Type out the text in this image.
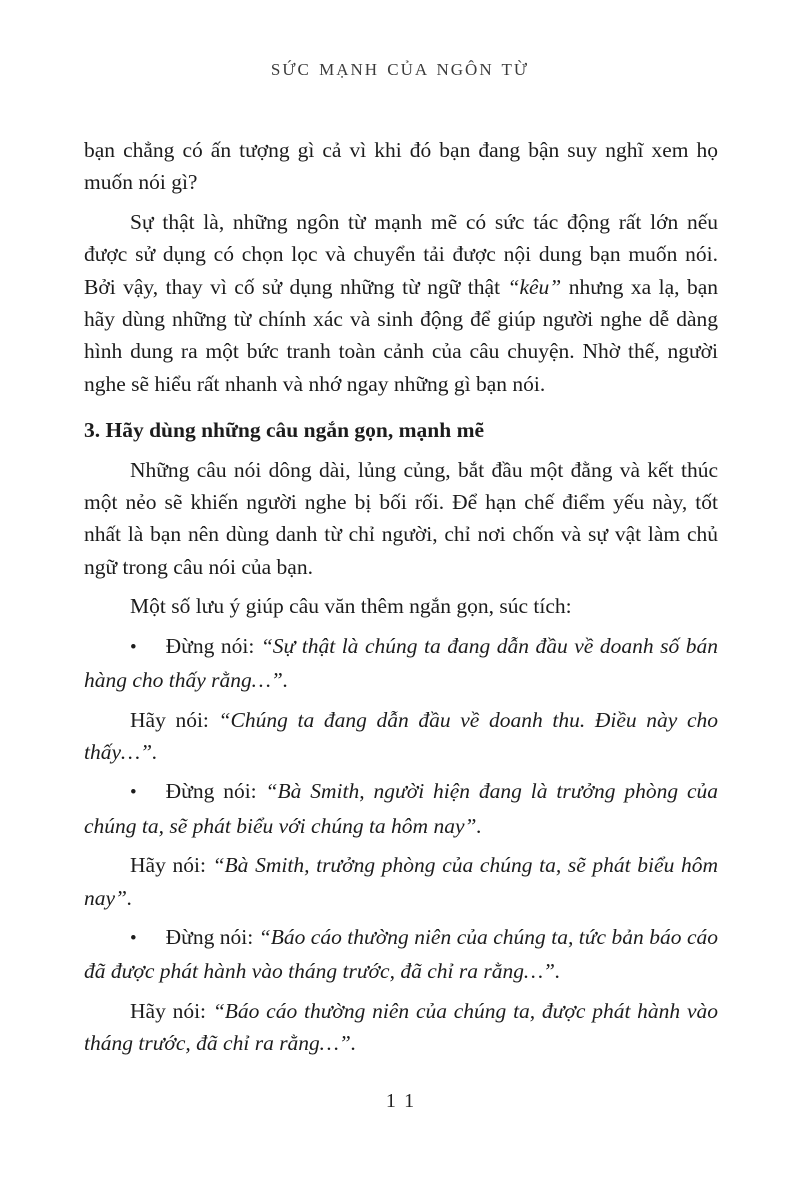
SỨC MẠNH CỦA NGÔN TỪ

bạn chẳng có ấn tượng gì cả vì khi đó bạn đang bận suy nghĩ xem họ muốn nói gì?

Sự thật là, những ngôn từ mạnh mẽ có sức tác động rất lớn nếu được sử dụng có chọn lọc và chuyển tải được nội dung bạn muốn nói. Bởi vậy, thay vì cố sử dụng những từ ngữ thật “kêu” nhưng xa lạ, bạn hãy dùng những từ chính xác và sinh động để giúp người nghe dễ dàng hình dung ra một bức tranh toàn cảnh của câu chuyện. Nhờ thế, người nghe sẽ hiểu rất nhanh và nhớ ngay những gì bạn nói.

3. Hãy dùng những câu ngắn gọn, mạnh mẽ

Những câu nói dông dài, lủng củng, bắt đầu một đằng và kết thúc một nẻo sẽ khiến người nghe bị bối rối. Để hạn chế điểm yếu này, tốt nhất là bạn nên dùng danh từ chỉ người, chỉ nơi chốn và sự vật làm chủ ngữ trong câu nói của bạn.

Một số lưu ý giúp câu văn thêm ngắn gọn, súc tích:

• Đừng nói: “Sự thật là chúng ta đang dẫn đầu về doanh số bán hàng cho thấy rằng…”.

Hãy nói: “Chúng ta đang dẫn đầu về doanh thu. Điều này cho thấy…”.

• Đừng nói: “Bà Smith, người hiện đang là trưởng phòng của chúng ta, sẽ phát biểu với chúng ta hôm nay”.

Hãy nói: “Bà Smith, trưởng phòng của chúng ta, sẽ phát biểu hôm nay”.

• Đừng nói: “Báo cáo thường niên của chúng ta, tức bản báo cáo đã được phát hành vào tháng trước, đã chỉ ra rằng…”.

Hãy nói: “Báo cáo thường niên của chúng ta, được phát hành vào tháng trước, đã chỉ ra rằng…”.

11
